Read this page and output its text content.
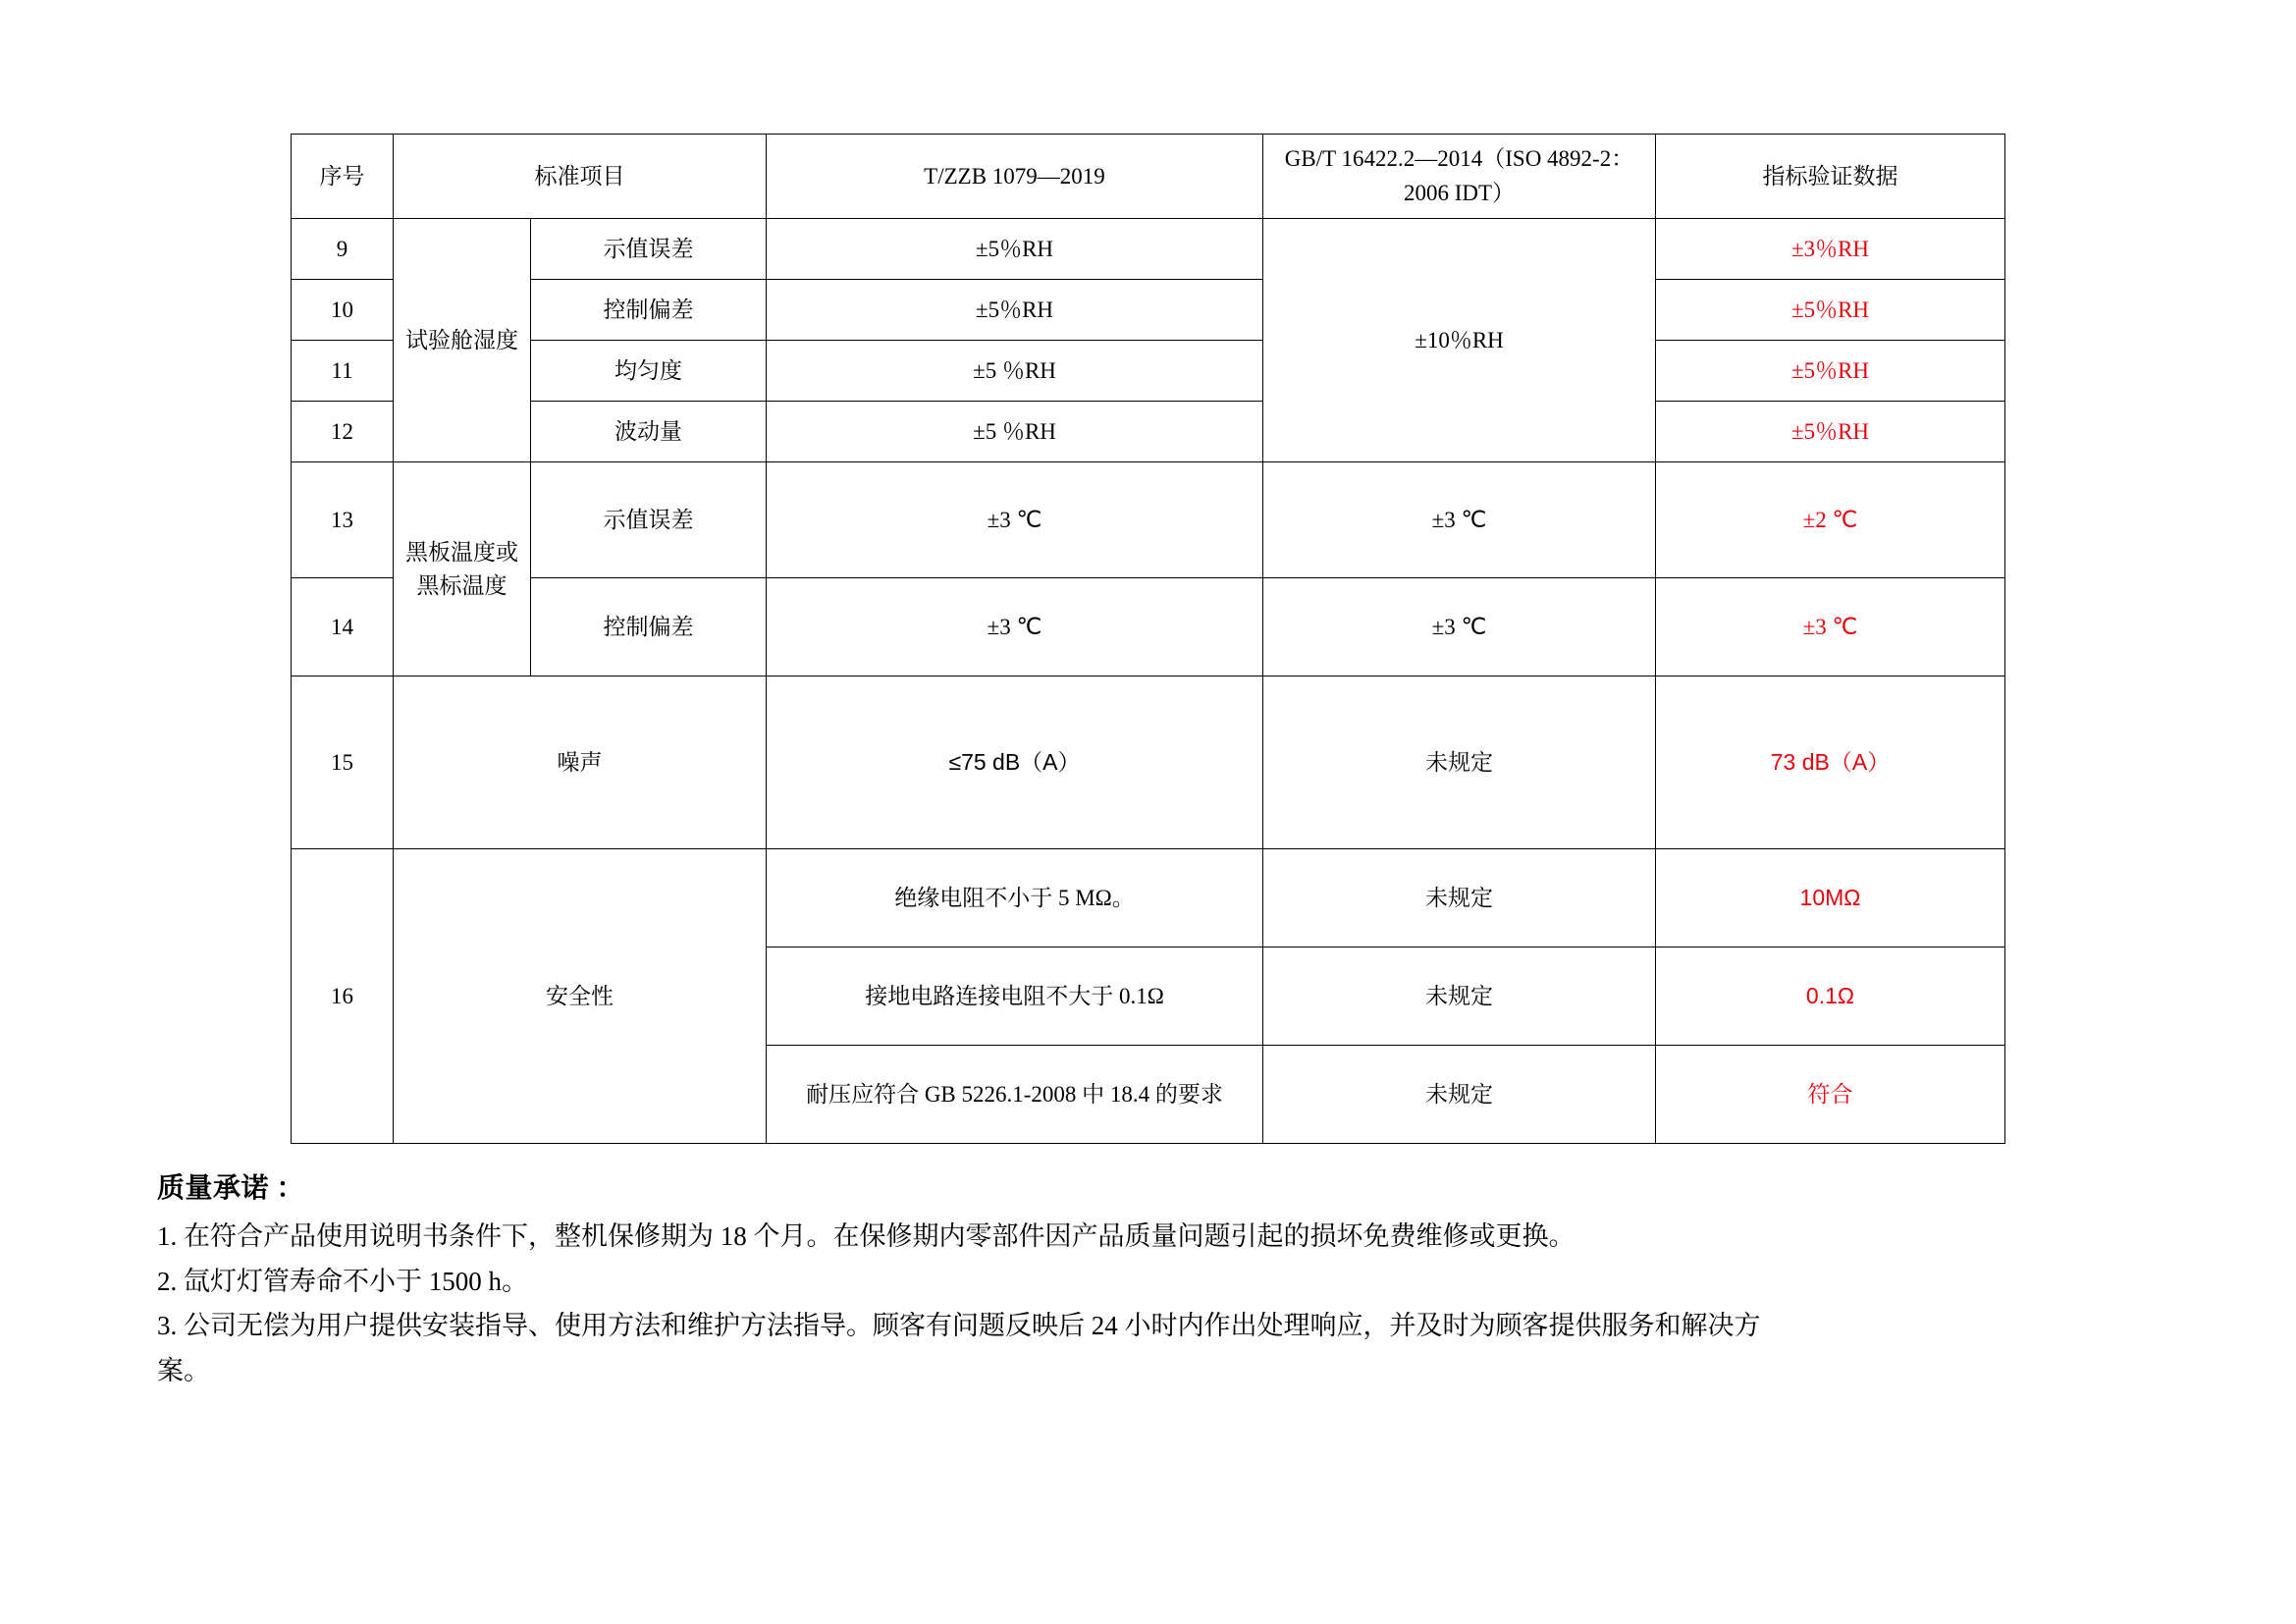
序号	标准项目		T/ZZB 1079—2019	GB/T 16422.2—2014（ISO 4892-2：2006 IDT）	指标验证数据
9	试验舱湿度	示值误差	±5％RH	±10％RH	±3％RH
10		控制偏差	±5％RH		±5％RH
11		均匀度	±5 ％RH		±5％RH
12		波动量	±5 ％RH		±5％RH
13	黑板温度或黑标温度	示值误差	±3 ℃	±3 ℃	±2 ℃
14		控制偏差	±3 ℃	±3 ℃	±3 ℃
15	噪声		≤75 dB（A）	未规定	73 dB（A）
16	安全性		绝缘电阻不小于 5 MΩ。	未规定	10MΩ
			接地电路连接电阻不大于 0.1Ω	未规定	0.1Ω
			耐压应符合 GB 5226.1-2008 中 18.4 的要求	未规定	符合
质量承诺 ：

1. 在符合产品使用说明书条件下，整机保修期为 18 个月。在保修期内零部件因产品质量问题引起的损坏免费维修或更换。

2. 氙灯灯管寿命不小于 1500 h。

3. 公司无偿为用户提供安装指导、使用方法和维护方法指导。顾客有问题反映后 24 小时内作出处理响应，并及时为顾客提供服务和解决方

案。
